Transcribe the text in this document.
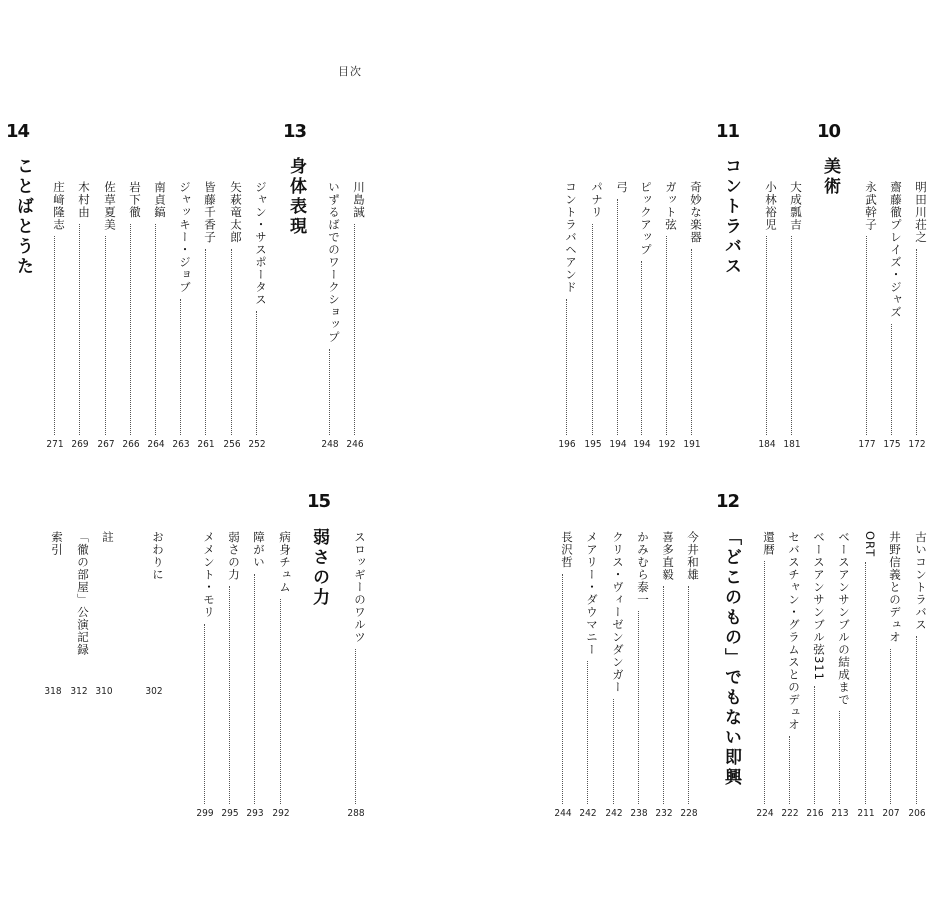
目次
14
ことばとうた	庄﨑隆志
271
木村由
269
佐草夏美
267
岩下徹
266
南貞鎬
264
ジャッキー・ジョブ
263
皆藤千香子
261
矢萩竜太郎
256
ジャン・サスポータス
252
13
身体表現	いずるばでのワークショップ
248
川島誠
246
11
コントラバス
コントラバヘアンド
196
パナリ
195
弓
194
ピックアップ
194
ガット弦
192
奇妙な楽器
191
10
美術
小林裕児
184
大成瓢吉
181
永武幹子
177
齋藤徹プレイズ・ジャズ
175
明田川荘之
172
索引
318
「徹の部屋」公演記録
312
註
310
おわりに
302
15
弱さの力
メメント・モリ
299
弱さの力
295
障がい
293
病身チュム
292
スロッギーのワルツ
288
12
「どこのもの」でもない即興
長沢哲
244
メアリー・ダウマニー
242
クリス・ヴィーゼンダンガー
242
かみむら泰一
238
喜多直毅
232
今井和雄
228
還暦
224
セバスチャン・グラムスとのデュオ
222
ベースアンサンブル弦311
216
ベースアンサンブルの結成まで
213
ORT
211
井野信義とのデュオ
207
古いコントラバス
206
